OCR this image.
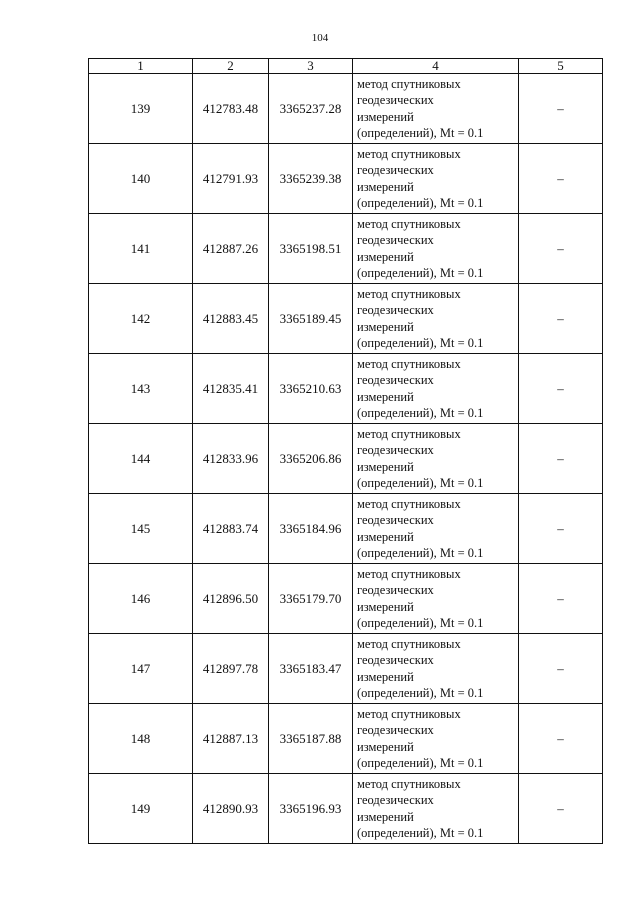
104
1	2	3	4	5
139	412783.48	3365237.28	метод спутниковых
геодезических
измерений
(определений), Mt = 0.1	–
140	412791.93	3365239.38	метод спутниковых
геодезических
измерений
(определений), Mt = 0.1	–
141	412887.26	3365198.51	метод спутниковых
геодезических
измерений
(определений), Mt = 0.1	–
142	412883.45	3365189.45	метод спутниковых
геодезических
измерений
(определений), Mt = 0.1	–
143	412835.41	3365210.63	метод спутниковых
геодезических
измерений
(определений), Mt = 0.1	–
144	412833.96	3365206.86	метод спутниковых
геодезических
измерений
(определений), Mt = 0.1	–
145	412883.74	3365184.96	метод спутниковых
геодезических
измерений
(определений), Mt = 0.1	–
146	412896.50	3365179.70	метод спутниковых
геодезических
измерений
(определений), Mt = 0.1	–
147	412897.78	3365183.47	метод спутниковых
геодезических
измерений
(определений), Mt = 0.1	–
148	412887.13	3365187.88	метод спутниковых
геодезических
измерений
(определений), Mt = 0.1	–
149	412890.93	3365196.93	метод спутниковых
геодезических
измерений
(определений), Mt = 0.1	–
